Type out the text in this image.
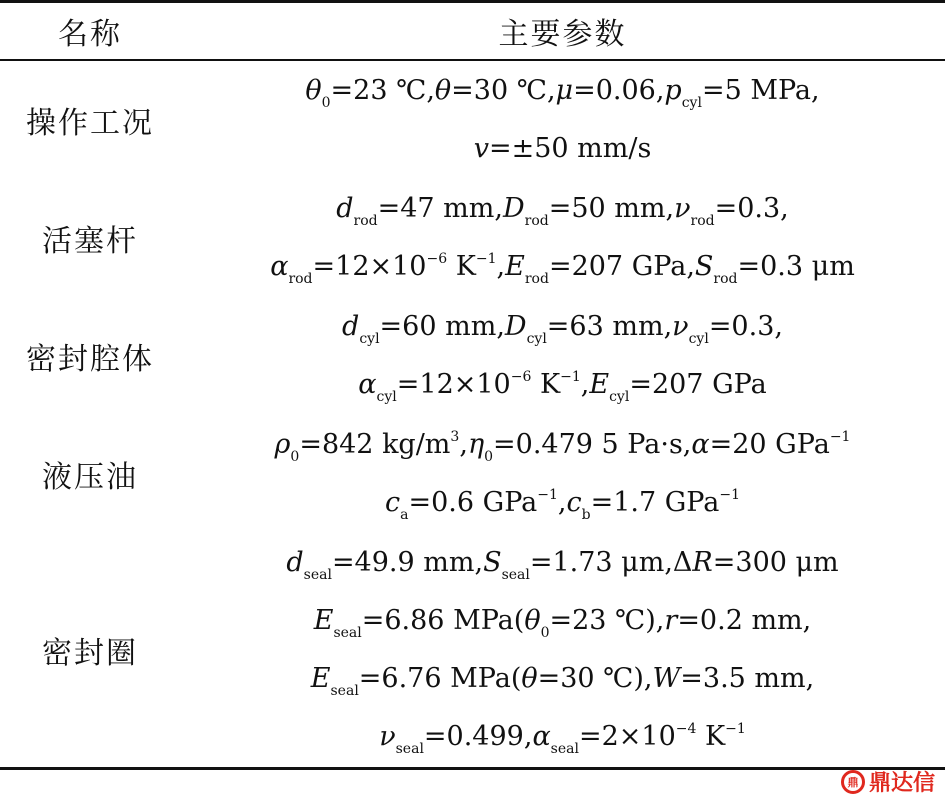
名称	主要参数
操作工况	$\theta_0=23$ ℃,θ=30 $℃,\mu=0.06,p_{cyl}=5$ MPa,
v=±50 mm/s

活塞杆	$d_{rod}=47$ $mm,D_{rod}=50$ $mm,\nu_{rod}=0.3$,
$\alpha_{rod}=12\times 10^{-6}$ $K^{-1},E_{rod}=207$ $GPa,S_{rod}=0.3$ μm

密封腔体	$d_{cyl}=60$ $mm,D_{cyl}=63$ $mm,\nu_{cyl}=0.3$,
$\alpha_{cyl}=12\times 10^{-6}$ $K^{-1},E_{cyl}=207$ GPa

液压油	$\rho_0=842$ $kg/m^3,\eta_0=0.479$ 5 Pa·s,α=20 GPa$^{-1}$
$c_a=0.6$ $GPa^{-1},c_b=1.7$ GPa$^{-1}$

密封圈	$d_{seal}=49.9$ $mm,S_{seal}=1.73$ μm,ΔR=300 μm
$E_{seal}=6.86$ $MPa(\theta_0=23$ ℃),r=0.2 mm,
$E_{seal}=6.76$ MPa(θ=30 ℃),W=3.5 mm,
$\nu_{seal}=0.499,\alpha_{seal}=2\times 10^{-4}$ $K^{-1}$
鼎 鼎达信
